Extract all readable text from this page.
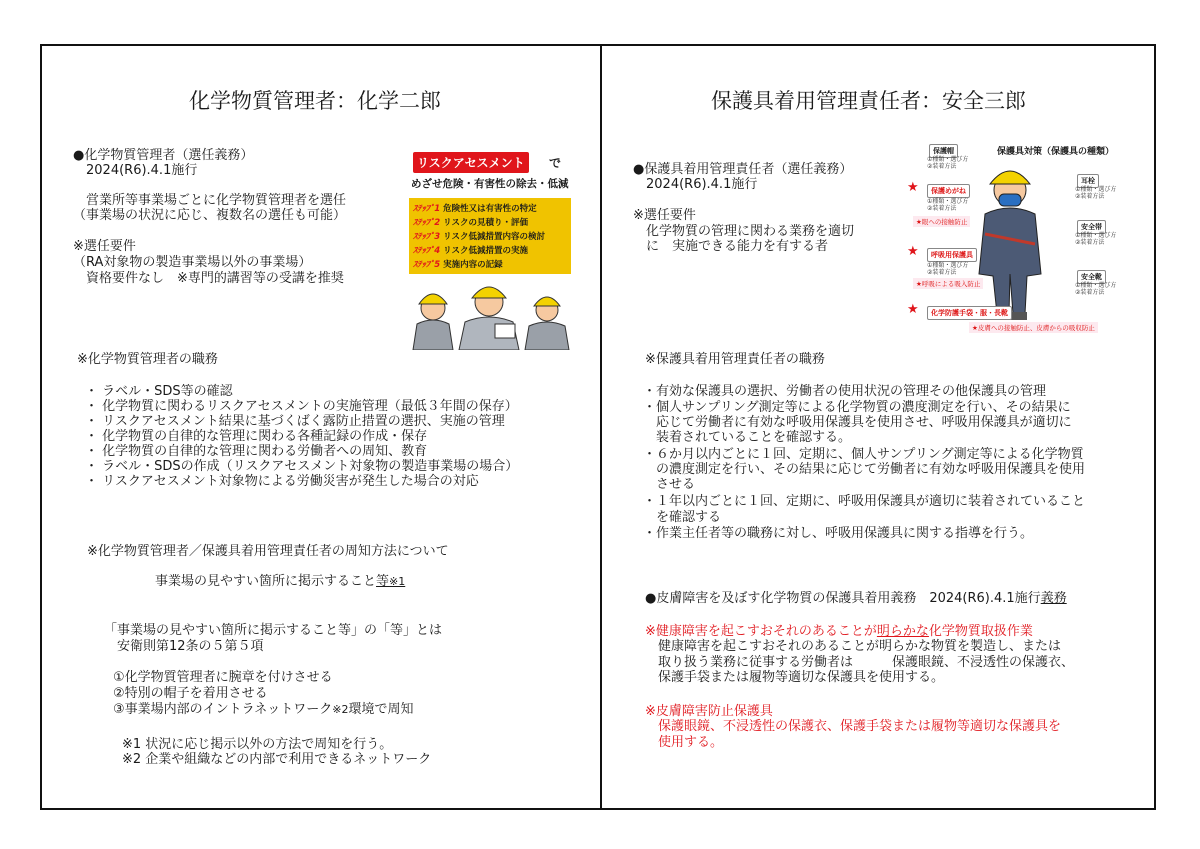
化学物質管理者：化学二郎
●化学物質管理者（選任義務）
　2024(R6).4.1施行
　営業所等事業場ごとに化学物質管理者を選任
（事業場の状況に応じ、複数名の選任も可能）
※選任要件
（RA対象物の製造事業場以外の事業場）
　資格要件なし　※専門的講習等の受講を推奨
リスクアセスメント	で
めざせ危険・有害性の除去・低減
ｽﾃｯﾌﾟ1 危険性又は有害性の特定
ｽﾃｯﾌﾟ2 リスクの見積り・評価
ｽﾃｯﾌﾟ3 リスク低減措置内容の検討
ｽﾃｯﾌﾟ4 リスク低減措置の実施
ｽﾃｯﾌﾟ5 実施内容の記録
※化学物質管理者の職務
・ ラベル・SDS等の確認
・ 化学物質に関わるリスクアセスメントの実施管理（最低３年間の保存）
・ リスクアセスメント結果に基づくばく露防止措置の選択、実施の管理
・ 化学物質の自律的な管理に関わる各種記録の作成・保存
・ 化学物質の自律的な管理に関わる労働者への周知、教育
・ ラベル・SDSの作成（リスクアセスメント対象物の製造事業場の場合）
・ リスクアセスメント対象物による労働災害が発生した場合の対応
※化学物質管理者／保護具着用管理責任者の周知方法について
事業場の見やすい箇所に掲示すること等※1
「事業場の見やすい箇所に掲示すること等」の「等」とは
　安衛則第12条の５第５項
①化学物質管理者に腕章を付けさせる
②特別の帽子を着用させる
③事業場内部のイントラネットワーク※2環境で周知
※1 状況に応じ掲示以外の方法で周知を行う。
※2 企業や組織などの内部で利用できるネットワーク
保護具着用管理責任者：安全三郎
●保護具着用管理責任者（選任義務）
　2024(R6).4.1施行
※選任要件
　化学物質の管理に関わる業務を適切
　に　実施できる能力を有する者
保護具対策（保護具の種類）
保護帽
①種類・選び方
②装着方法
耳栓
①種類・選び方
②装着方法
★	保護めがね
①種類・選び方
②装着方法
★眼への接触防止
安全帯
①種類・選び方
②装着方法
★	呼吸用保護具
①種類・選び方
②装着方法
★呼吸による吸入防止
安全靴
①種類・選び方
②装着方法
★	化学防護手袋・服・長靴
★皮膚への接触防止、皮膚からの吸収防止
※保護具着用管理責任者の職務
・有効な保護具の選択、労働者の使用状況の管理その他保護具の管理
・個人サンプリング測定等による化学物質の濃度測定を行い、その結果に
　応じて労働者に有効な呼吸用保護具を使用させ、呼吸用保護具が適切に
　装着されていることを確認する。
・６か月以内ごとに１回、定期に、個人サンプリング測定等による化学物質
　の濃度測定を行い、その結果に応じて労働者に有効な呼吸用保護具を使用
　させる
・１年以内ごとに１回、定期に、呼吸用保護具が適切に装着されていること
　を確認する
・作業主任者等の職務に対し、呼吸用保護具に関する指導を行う。
●皮膚障害を及ぼす化学物質の保護具着用義務　2024(R6).4.1施行義務
※健康障害を起こすおそれのあることが明らかな化学物質取扱作業
　健康障害を起こすおそれのあることが明らかな物質を製造し、または
　取り扱う業務に従事する労働者は　　　保護眼鏡、不浸透性の保護衣、
　保護手袋または履物等適切な保護具を使用する。
※皮膚障害防止保護具
　保護眼鏡、不浸透性の保護衣、保護手袋または履物等適切な保護具を
　使用する。
